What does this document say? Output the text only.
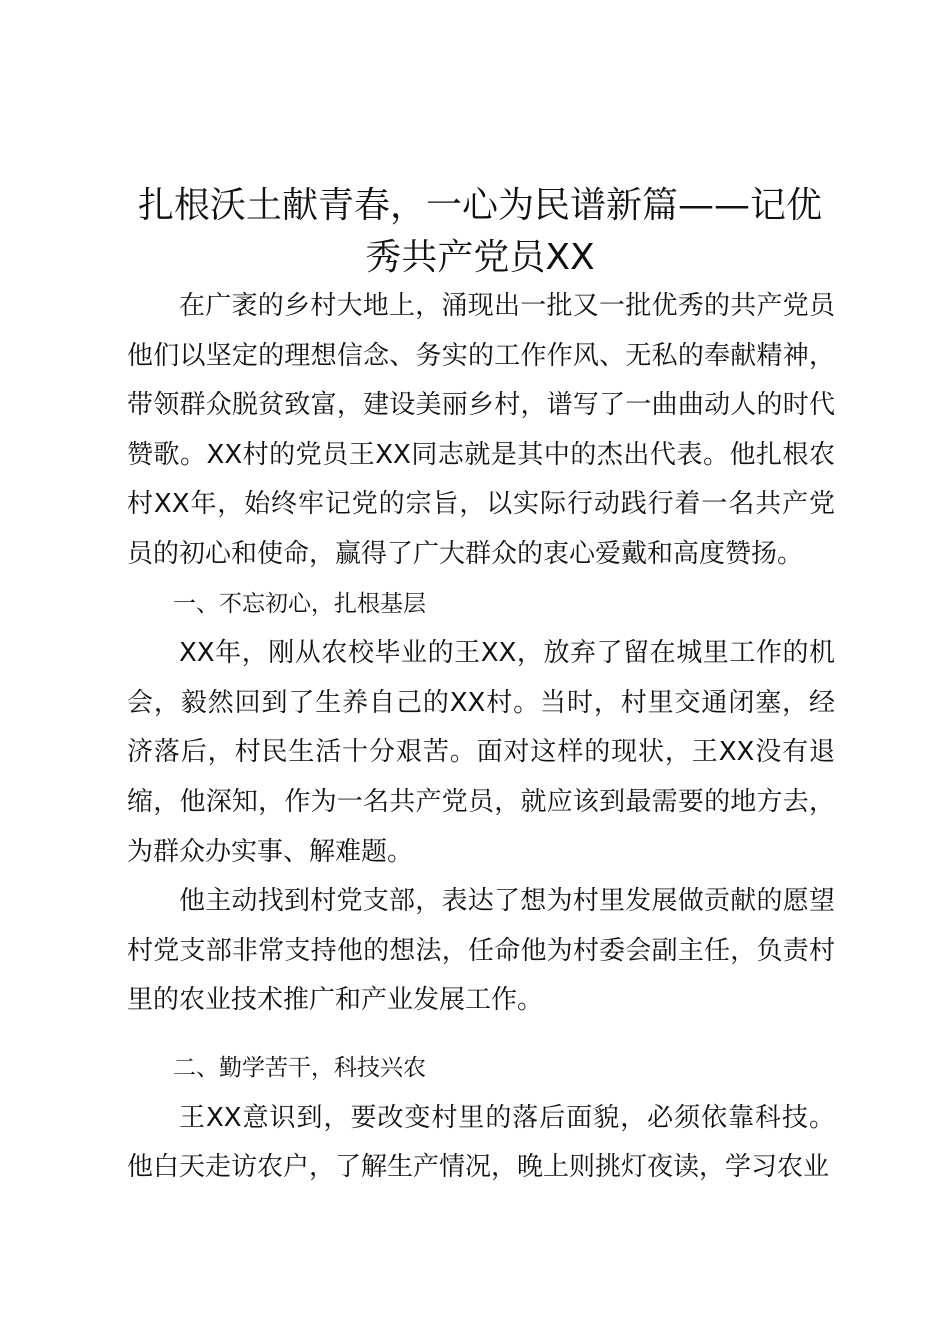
扎根沃土献青春，一心为民谱新篇——记优秀共产党员XX

在广袤的乡村大地上，涌现出一批又一批优秀的共产党员他们以坚定的理想信念、务实的工作作风、无私的奉献精神，带领群众脱贫致富，建设美丽乡村，谱写了一曲曲动人的时代赞歌。XX村的党员王XX同志就是其中的杰出代表。他扎根农村XX年，始终牢记党的宗旨，以实际行动践行着一名共产党员的初心和使命，赢得了广大群众的衷心爱戴和高度赞扬。

一、不忘初心，扎根基层

XX年，刚从农校毕业的王XX，放弃了留在城里工作的机会，毅然回到了生养自己的XX村。当时，村里交通闭塞，经济落后，村民生活十分艰苦。面对这样的现状，王XX没有退缩，他深知，作为一名共产党员，就应该到最需要的地方去，为群众办实事、解难题。

他主动找到村党支部，表达了想为村里发展做贡献的愿望村党支部非常支持他的想法，任命他为村委会副主任，负责村里的农业技术推广和产业发展工作。

二、勤学苦干，科技兴农

王XX意识到，要改变村里的落后面貌，必须依靠科技。他白天走访农户，了解生产情况，晚上则挑灯夜读，学习农业
